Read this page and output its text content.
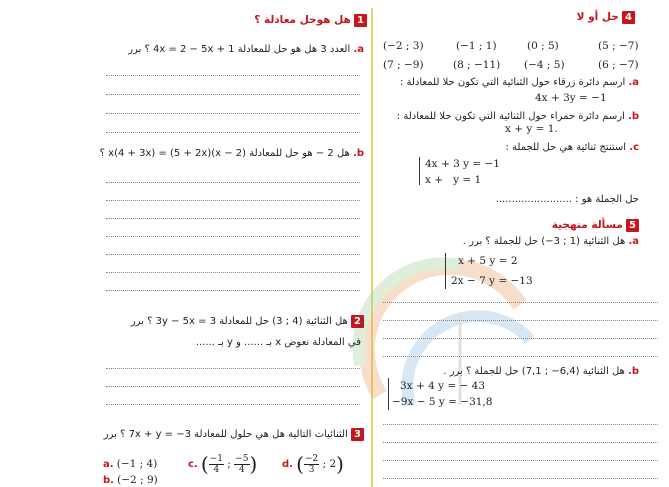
1 هل هوحل معادلة ؟
a. العدد 3 هل هو حل للمعادلة 1 + 4x = 2 − 5x ؟ برر
b. هل 2 − هو حل للمعادلة (2 − x)(5 + 2x) = (4 + 3x)x ؟
2 هل الثنائية (4 ; 3) حل للمعادلة 3 = 3y − 5x ؟ برر
في المعادلة نعوض x بـ ...... و y بـ ......
3 الثنائيات التالية هل هي حلول للمعادلة 3− = 7x + y ؟ برر
a. (−1 ; 4)
b. (−2 ; 9)
c. ( $\frac{-1}{4}$ ; $\frac{-5}{4}$ ) d. ( $\frac{-2}{3}$ ; 2)
4 حل أو لا
(−2 ; 3)	(−1 ; 1)	(0 ; 5)	(5 ; −7)
(7 ; −9)	(8 ; −11) (−4 ; 5)	(6 ; −7)
a. ارسم دائرة زرقاء حول الثنائية التي تكون حلا للمعادلة :
4x + 3y = −1
b. ارسم دائرة حمراء حول الثنائية التي تكون حلا للمعادلة :
x + y = 1.
c. استنتج ثنائية هي حل للجملة :
4x + 3 y = −1
x +   y = 1
حل الجملة هو : ........................
5 مسألة منهجية
a. هل الثنائية (1 ; 3−) حل للجملة ؟ برر .
x + 5 y = 2
2x − 7 y = −13
b. هل الثنائية (6,4− ; 7,1) حل للجملة ؟ برر .
3x + 4 y = − 43
−9x − 5 y = −31,8
